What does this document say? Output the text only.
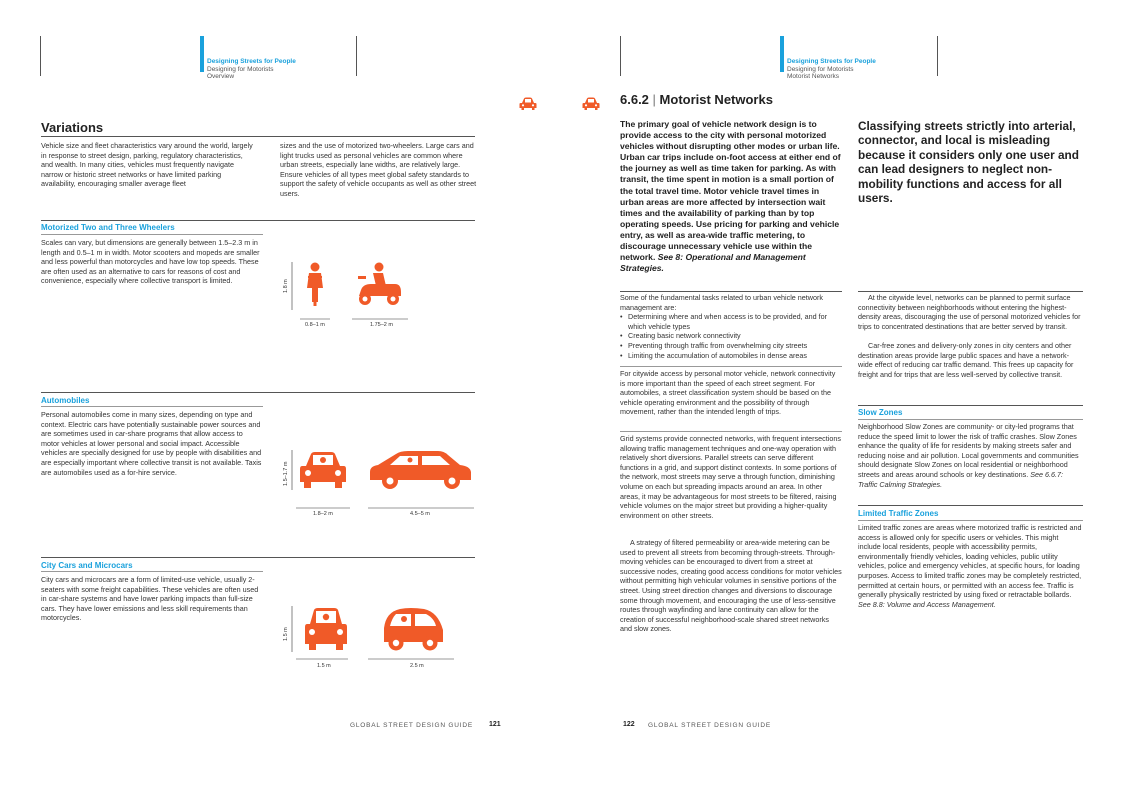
Designing Streets for People
Designing for Motorists
Overview
Variations
Vehicle size and fleet characteristics vary around the world, largely in response to street design, parking, regulatory characteristics, and wealth. In many cities, vehicles must frequently navigate narrow or historic street networks or have limited parking availability, encouraging smaller average fleet
sizes and the use of motorized two-wheelers. Large cars and light trucks used as personal vehicles are common where urban streets, especially lane widths, are relatively large. Ensure vehicles of all types meet global safety standards to support the safety of vehicle occupants as well as other street users.
Motorized Two and Three Wheelers
Scales can vary, but dimensions are generally between 1.5–2.3 m in length and 0.5–1 m in width. Motor scooters and mopeds are smaller and less powerful than motorcycles and have low top speeds. These are often used as an alternative to cars for reasons of cost and convenience, especially where collective transport is limited.	1.8 m
0.8–1 m	1.75–2 m
Automobiles
Personal automobiles come in many sizes, depending on type and context. Electric cars have potentially sustainable power sources and are sometimes used in car-share programs that allow access to motor vehicles at lower personal and social impact. Accessible vehicles are specially designed for use by people with disabilities and are especially important where collective transit is not available. Taxis are automobiles used as a for-hire service.	1.5–1.7 m
1.8–2 m	4.5–5 m
City Cars and Microcars
City cars and microcars are a form of limited-use vehicle, usually 2-seaters with some freight capabilities. These vehicles are often used in car-share systems and have lower parking impacts than full-size cars. They have lower emissions and less skill requirements than motorcycles.
1.5 m
1.5 m	2.5 m
GLOBAL STREET DESIGN GUIDE 121
Designing Streets for People
Designing for Motorists
Motorist Networks
6.6.2 | Motorist Networks
The primary goal of vehicle network design is to provide access to the city with personal motorized vehicles without disrupting other modes or urban life. Urban car trips include on-foot access at either end of the journey as well as time taken for parking. As with transit, the time spent in motion is a small portion of the total travel time. Motor vehicle travel times in urban areas are more affected by intersection wait times and the availability of parking than by top operating speeds. Use pricing for parking and vehicle entry, as well as area-wide traffic metering, to discourage unnecessary vehicle use within the network. See 8: Operational and Management Strategies.
Classifying streets strictly into arterial, connector, and local is misleading because it considers only one user and can lead designers to neglect non-mobility functions and access for all users.

Some of the fundamental tasks related to urban vehicle network management are:

• Determining where and when access is to be provided, and for which vehicle types
• Creating basic network connectivity
• Preventing through traffic from overwhelming city streets
• Limiting the accumulation of automobiles in dense areas
For citywide access by personal motor vehicle, network connectivity is more important than the speed of each street segment. For automobiles, a street classification system should be based on the vehicle operating environment and the possibility of through movement, rather than the intended length of trips.
Grid systems provide connected networks, with frequent intersections allowing traffic management techniques and one-way operation with relatively short diversions. Parallel streets can serve different functions in a grid, and support distinct contexts. In some portions of the network, most streets may serve a through function, diminishing volume on each but spreading impacts around an area. In other areas, it may be advantageous for most streets to be filtered, raising vehicle volumes on the major street but providing a higher-quality environment on other streets.
A strategy of filtered permeability or area-wide metering can be used to prevent all streets from becoming through-streets. Through-moving vehicles can be encouraged to divert from a street at successive nodes, creating good access conditions for motor vehicles without permitting high vehicular volumes in sensitive portions of the street. Using street direction changes and diversions to discourage some through movement, and encouraging the use of less-sensitive routes through wayfinding and lane continuity can allow for the creation of successful neighborhood-scale shared street networks and slow zones.
At the citywide level, networks can be planned to permit surface connectivity between neighborhoods without entering the highest-density areas, discouraging the use of personal motorized vehicles for trips to concentrated destinations that are better served by transit.
Car-free zones and delivery-only zones in city centers and other destination areas provide large public spaces and have a network-wide effect of reducing car traffic demand. This frees up capacity for freight and for trips that are less well-served by collective transit.
Slow Zones
Neighborhood Slow Zones are community- or city-led programs that reduce the speed limit to lower the risk of traffic crashes. Slow Zones enhance the quality of life for residents by making streets safer and reducing noise and air pollution. Local governments and communities should designate Slow Zones on local residential or neighborhood streets and areas around schools or key destinations. See 6.6.7: Traffic Calming Strategies.
Limited Traffic Zones
Limited traffic zones are areas where motorized traffic is restricted and access is allowed only for specific users or vehicles. This might include local residents, people with accessibility permits, environmentally friendly vehicles, loading vehicles, public utility vehicles, police and emergency vehicles, at specific hours, for loading purposes. Access to limited traffic zones may be completely restricted, permitted at certain hours, or permitted with an access fee. Traffic is generally physically restricted by using fixed or retractable bollards. See 8.8: Volume and Access Management.
122 GLOBAL STREET DESIGN GUIDE
